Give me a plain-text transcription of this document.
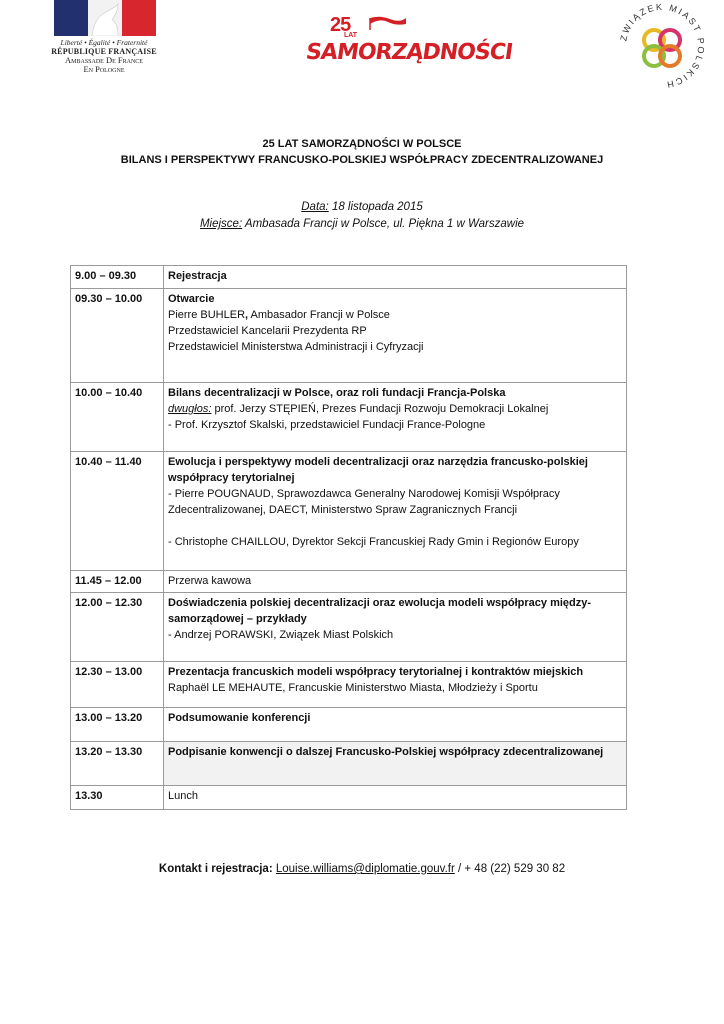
Liberté • Égalité • Fraternité
RÉPUBLIQUE FRANÇAISE
Ambassade De France
En Pologne
25
LAT
SAMORZĄDNOŚCI
ZWIĄZEK MIAST POLSKICH
25 LAT SAMORZĄDNOŚCI W POLSCE
BILANS I PERSPEKTYWY FRANCUSKO-POLSKIEJ WSPÓŁPRACY ZDECENTRALIZOWANEJ
Data: 18 listopada 2015
Miejsce: Ambasada Francji w Polsce, ul. Piękna 1 w Warszawie
9.00 – 09.30	Rejestracja
09.30 – 10.00	Otwarcie
Pierre BUHLER, Ambasador Francji w Polsce
Przedstawiciel Kancelarii Prezydenta RP
Przedstawiciel Ministerstwa Administracji i Cyfryzacji

10.00 – 10.40	Bilans decentralizacji w Polsce, oraz roli fundacji Francja-Polska
dwugłos: prof. Jerzy STĘPIEŃ, Prezes Fundacji Rozwoju Demokracji Lokalnej
- Prof. Krzysztof Skalski, przedstawiciel Fundacji France-Pologne

10.40 – 11.40	Ewolucja i perspektywy modeli decentralizacji oraz narzędzia francusko-polskiej współpracy terytorialnej
- Pierre POUGNAUD, Sprawozdawca Generalny Narodowej Komisji Współpracy Zdecentralizowanej, DAECT, Ministerstwo Spraw Zagranicznych Francji
- Christophe CHAILLOU, Dyrektor Sekcji Francuskiej Rady Gmin i Regionów Europy

11.45 – 12.00	Przerwa kawowa
12.00 – 12.30	Doświadczenia polskiej decentralizacji oraz ewolucja modeli współpracy między-samorządowej – przykłady
- Andrzej PORAWSKI, Związek Miast Polskich

12.30 – 13.00	Prezentacja francuskich modeli współpracy terytorialnej i kontraktów miejskich
Raphaël LE MEHAUTE, Francuskie Ministerstwo Miasta, Młodzieży i Sportu

13.00 – 13.20	Podsumowanie konferencji
13.20 – 13.30	Podpisanie konwencji o dalszej Francusko-Polskiej współpracy zdecentralizowanej
13.30	Lunch
Kontakt i rejestracja: Louise.williams@diplomatie.gouv.fr / + 48 (22) 529 30 82
